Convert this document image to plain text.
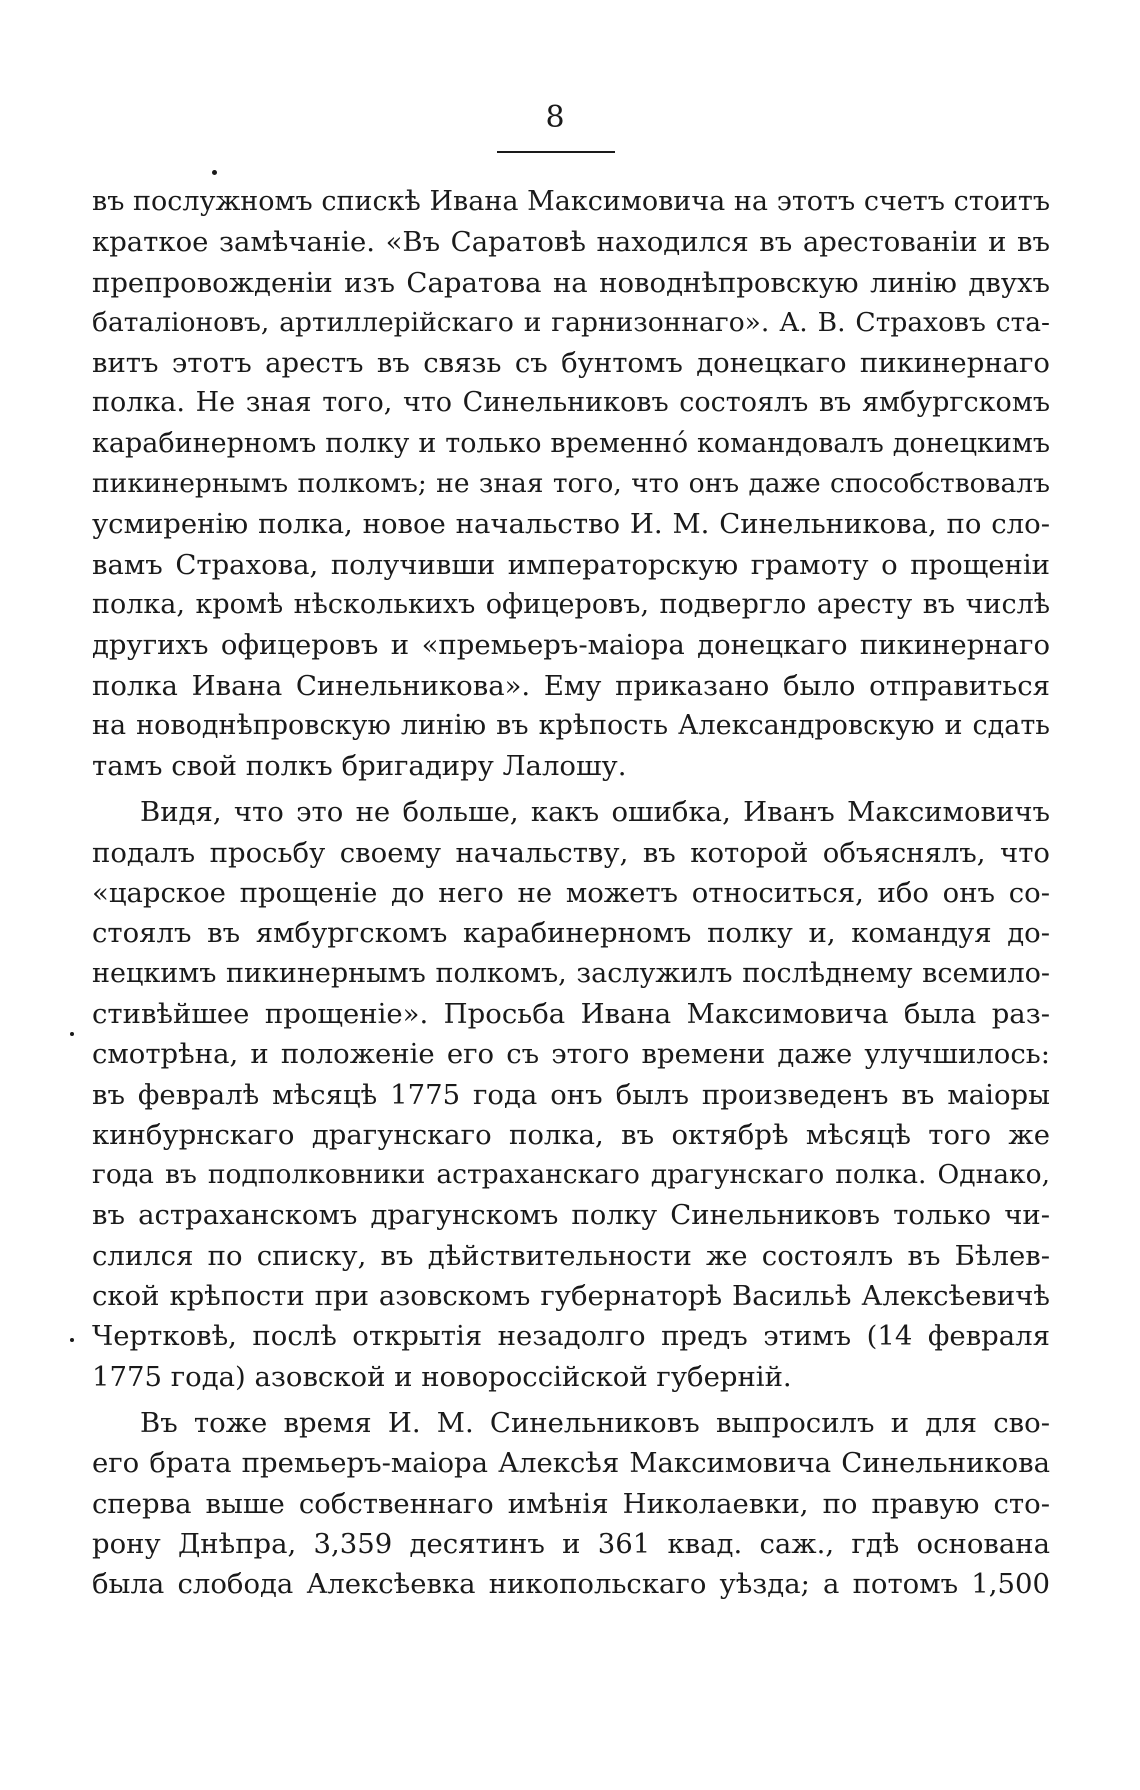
8
въ послужномъ спискѣ Ивана Максимовича на этотъ счетъ стоитъ
краткое замѣчаніе. «Въ Саратовѣ находился въ арестованіи и въ
препровожденіи изъ Саратова на новоднѣпровскую линію двухъ
баталіоновъ, артиллерійскаго и гарнизоннаго». А. В. Страховъ ста-
витъ этотъ арестъ въ связь съ бунтомъ донецкаго пикинернаго
полка. Не зная того, что Синельниковъ состоялъ въ ямбургскомъ
карабинерномъ полку и только временнó командовалъ донецкимъ
пикинернымъ полкомъ; не зная того, что онъ даже способствовалъ
усмиренію полка, новое начальство И. М. Синельникова, по сло-
вамъ Страхова, получивши императорскую грамоту о прощеніи
полка, кромѣ нѣсколькихъ офицеровъ, подвергло аресту въ числѣ
другихъ офицеровъ и «премьеръ-маіора донецкаго пикинернаго
полка Ивана Синельникова». Ему приказано было отправиться
на новоднѣпровскую линію въ крѣпость Александровскую и сдать
тамъ свой полкъ бригадиру Лалошу.
Видя, что это не больше, какъ ошибка, Иванъ Максимовичъ
подалъ просьбу своему начальству, въ которой объяснялъ, что
«царское прощеніе до него не можетъ относиться, ибо онъ со-
стоялъ въ ямбургскомъ карабинерномъ полку и, командуя до-
нецкимъ пикинернымъ полкомъ, заслужилъ послѣднему всемило-
стивѣйшее прощеніе». Просьба Ивана Максимовича была раз-
смотрѣна, и положеніе его съ этого времени даже улучшилось:
въ февралѣ мѣсяцѣ 1775 года онъ былъ произведенъ въ маіоры
кинбурнскаго драгунскаго полка, въ октябрѣ мѣсяцѣ того же
года въ подполковники астраханскаго драгунскаго полка. Однако,
въ астраханскомъ драгунскомъ полку Синельниковъ только чи-
слился по списку, въ дѣйствительности же состоялъ въ Бѣлев-
ской крѣпости при азовскомъ губернаторѣ Васильѣ Алексѣевичѣ
Чертковѣ, послѣ открытія незадолго предъ этимъ (14 февраля
1775 года) азовской и новороссійской губерній.
Въ тоже время И. М. Синельниковъ выпросилъ и для сво-
его брата премьеръ-маіора Алексѣя Максимовича Синельникова
сперва выше собственнаго имѣнія Николаевки, по правую сто-
рону Днѣпра, 3,359 десятинъ и 361 квад. саж., гдѣ основана
была слобода Алексѣевка никопольскаго уѣзда; а потомъ 1,500
